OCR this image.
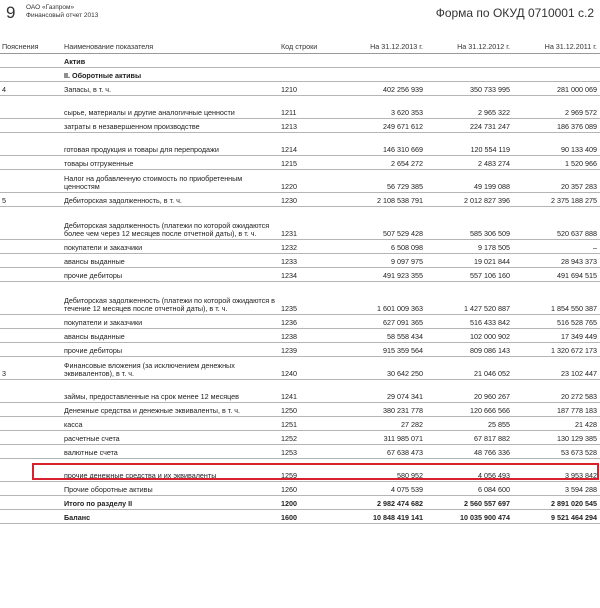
9 ОАО «Газпром»
Финансовый отчет 2013	Форма по ОКУД 0710001 с.2
Пояснения	Наименование показателя	Код строки	На 31.12.2013 г.	На 31.12.2012 г.	На 31.12.2011 г.
	Актив				
	II. Оборотные активы				
4	Запасы, в т. ч.	1210	402 256 939	350 733 995	281 000 069
	сырье, материалы и другие аналогичные ценности	1211	3 620 353	2 965 322	2 969 572
	затраты в незавершенном производстве	1213	249 671 612	224 731 247	186 376 089
	готовая продукция и товары для перепродажи	1214	146 310 669	120 554 119	90 133 409
	товары отгруженные	1215	2 654 272	2 483 274	1 520 966
	Налог на добавленную стоимость по приобретенным ценностям	1220	56 729 385	49 199 088	20 357 283
5	Дебиторская задолженность, в т. ч.	1230	2 108 538 791	2 012 827 396	2 375 188 275
	Дебиторская задолженность (платежи по которой ожидаются более чем через 12 месяцев после отчетной даты), в т. ч.	1231	507 529 428	585 306 509	520 637 888
	покупатели и заказчики	1232	6 508 098	9 178 505	–
	авансы выданные	1233	9 097 975	19 021 844	28 943 373
	прочие дебиторы	1234	491 923 355	557 106 160	491 694 515
	Дебиторская задолженность (платежи по которой ожидаются в течение 12 месяцев после отчетной даты), в т. ч.	1235	1 601 009 363	1 427 520 887	1 854 550 387
	покупатели и заказчики	1236	627 091 365	516 433 842	516 528 765
	авансы выданные	1238	58 558 434	102 000 902	17 349 449
	прочие дебиторы	1239	915 359 564	809 086 143	1 320 672 173
3	Финансовые вложения (за исключением денежных эквивалентов), в т. ч.	1240	30 642 250	21 046 052	23 102 447
	займы, предоставленные на срок менее 12 месяцев	1241	29 074 341	20 960 267	20 272 583
	Денежные средства и денежные эквиваленты, в т. ч.	1250	380 231 778	120 666 566	187 778 183
	касса	1251	27 282	25 855	21 428
	расчетные счета	1252	311 985 071	67 817 882	130 129 385
	валютные счета	1253	67 638 473	48 766 336	53 673 528
	прочие денежные средства и их эквиваленты	1259	580 952	4 056 493	3 953 842
	Прочие оборотные активы	1260	4 075 539	6 084 600	3 594 288
	Итого по разделу II	1200	2 982 474 682	2 560 557 697	2 891 020 545
	Баланс	1600	10 848 419 141	10 035 900 474	9 521 464 294
